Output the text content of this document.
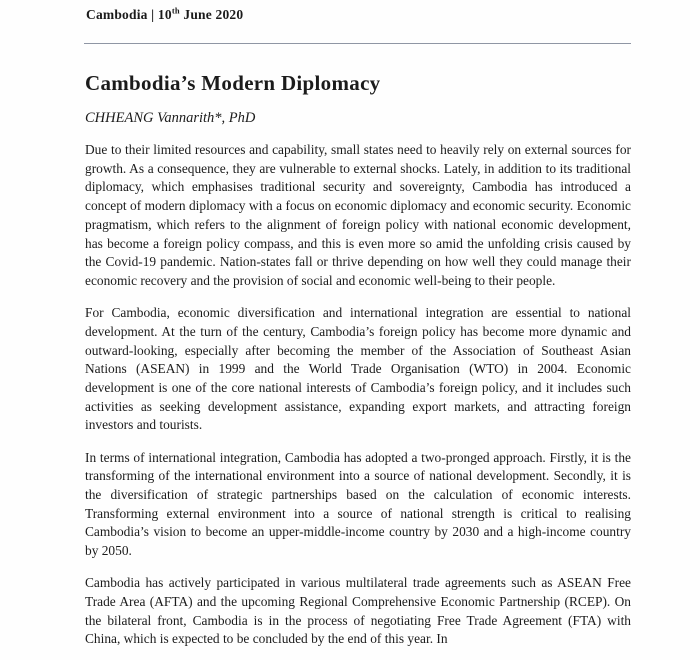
Cambodia | 10th June 2020
Cambodia’s Modern Diplomacy

CHHEANG Vannarith*, PhD

Due to their limited resources and capability, small states need to heavily rely on external sources for growth. As a consequence, they are vulnerable to external shocks. Lately, in addition to its traditional diplomacy, which emphasises traditional security and sovereignty, Cambodia has introduced a concept of modern diplomacy with a focus on economic diplomacy and economic security. Economic pragmatism, which refers to the alignment of foreign policy with national economic development, has become a foreign policy compass, and this is even more so amid the unfolding crisis caused by the Covid-19 pandemic. Nation-states fall or thrive depending on how well they could manage their economic recovery and the provision of social and economic well-being to their people.

For Cambodia, economic diversification and international integration are essential to national development. At the turn of the century, Cambodia’s foreign policy has become more dynamic and outward-looking, especially after becoming the member of the Association of Southeast Asian Nations (ASEAN) in 1999 and the World Trade Organisation (WTO) in 2004. Economic development is one of the core national interests of Cambodia’s foreign policy, and it includes such activities as seeking development assistance, expanding export markets, and attracting foreign investors and tourists.

In terms of international integration, Cambodia has adopted a two-pronged approach. Firstly, it is the transforming of the international environment into a source of national development. Secondly, it is the diversification of strategic partnerships based on the calculation of economic interests. Transforming external environment into a source of national strength is critical to realising Cambodia’s vision to become an upper-middle-income country by 2030 and a high-income country by 2050.

Cambodia has actively participated in various multilateral trade agreements such as ASEAN Free Trade Area (AFTA) and the upcoming Regional Comprehensive Economic Partnership (RCEP). On the bilateral front, Cambodia is in the process of negotiating Free Trade Agreement (FTA) with China, which is expected to be concluded by the end of this year. In
